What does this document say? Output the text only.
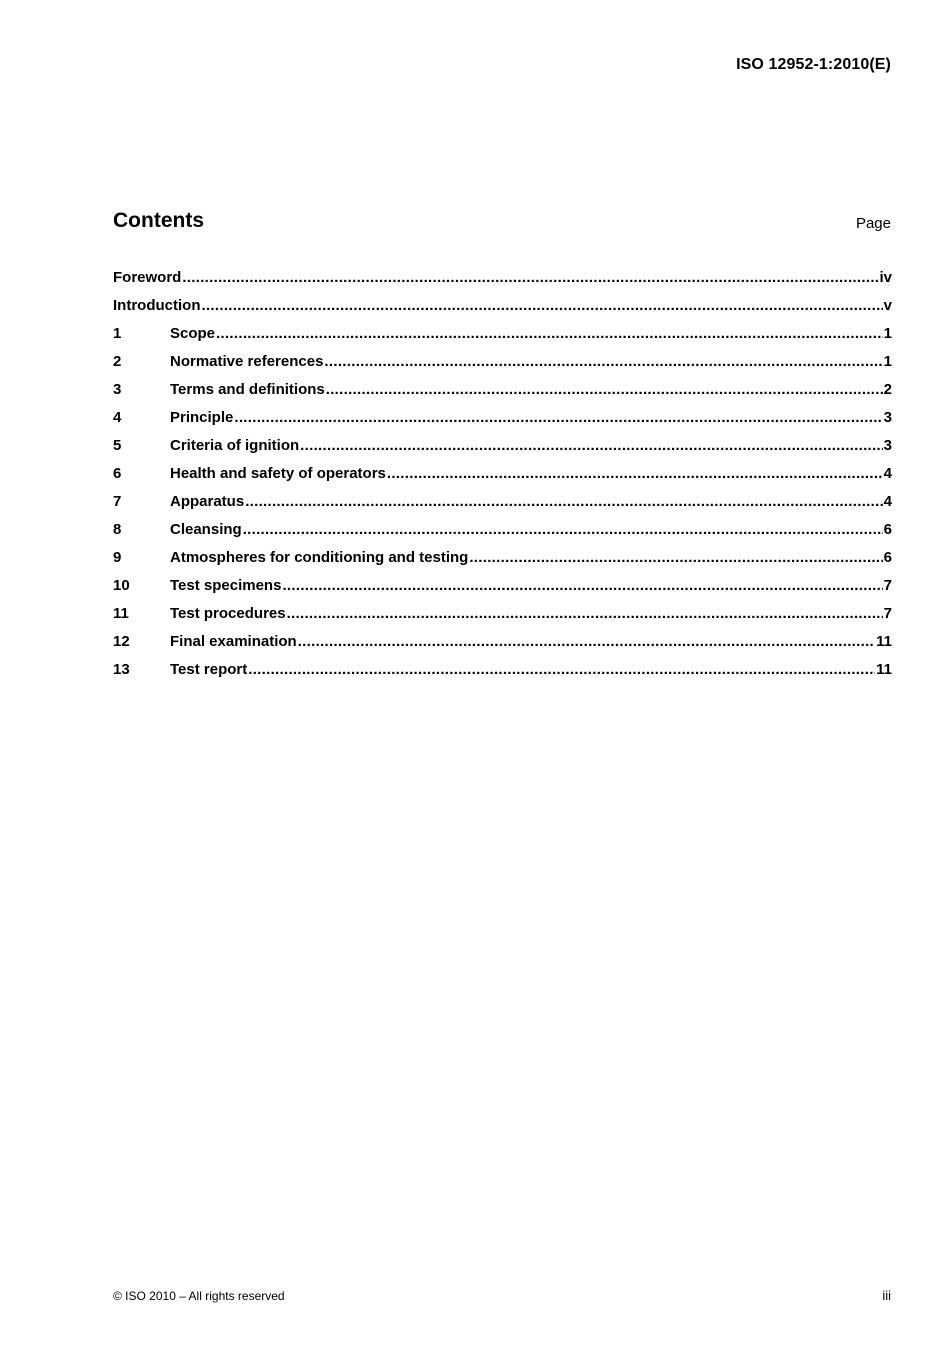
ISO 12952-1:2010(E)
Contents	Page
Foreword .....	iv
Introduction .....	v
1	Scope .....	1
2	Normative references .....	1
3	Terms and definitions .....	2
4	Principle .....	3
5	Criteria of ignition .....	3
6	Health and safety of operators .....	4
7	Apparatus .....	4
8	Cleansing .....	6
9	Atmospheres for conditioning and testing .....	6
10	Test specimens .....	7
11	Test procedures .....	7
12	Final examination .....	11
13	Test report .....	11
© ISO 2010 – All rights reserved	iii
